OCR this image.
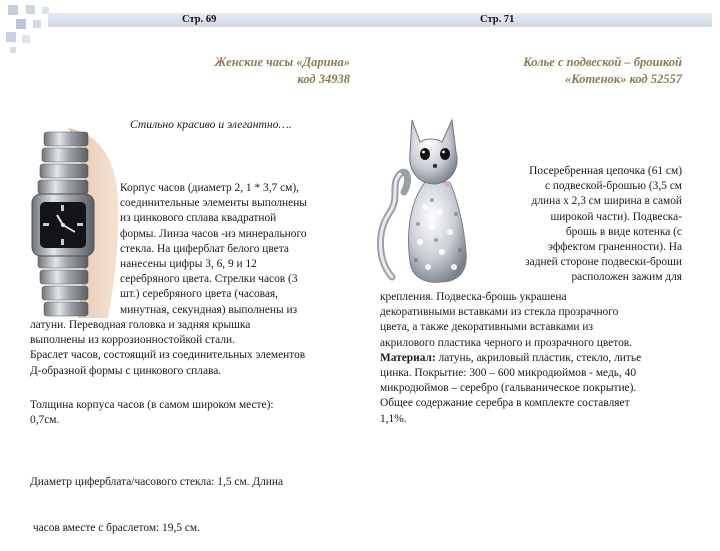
Стр. 69	Стр. 71
Женские часы «Дарина»
код 34938
Стильно красиво и элегантно….

Корпус часов (диаметр 2, 1 * 3,7 см),

соединительные элементы выполнены

из цинкового сплава квадратной

формы. Линза часов -из минерального

стекла. На циферблат белого цвета

нанесены цифры 3, 6, 9 и 12

серебряного цвета. Стрелки часов (3

шт.) серебряного цвета (часовая,

минутная, секундная) выполнены из

латуни. Переводная головка и задняя крышка

выполнены из коррозионностойкой стали.

Браслет часов, состоящий из соединительных элементов

Д-образной формы с цинкового сплава.

Толщина корпуса часов (в самом широком месте):

0,7см.

Диаметр циферблата/часового стекла: 1,5 см. Длина

часов вместе с браслетом: 19,5 см.

Колье с подвеской – брошкой
«Котенок» код 52557

Посеребренная цепочка (61 см)

с подвеской-брошью (3,5 см

длина х 2,3 см ширина в самой

широкой части). Подвеска-

брошь в виде котенка (с

эффектом граненности). На

задней стороне подвески-броши

расположен зажим для

крепления. Подвеска-брошь украшена

декоративными вставками из стекла прозрачного

цвета, а также декоративными вставками из

акрилового пластика черного и прозрачного цветов.

Материал: латунь, акриловый пластик, стекло, литье

цинка. Покрытие: 300 – 600 микродюймов - медь, 40

микродюймов – серебро (гальваническое покрытие).

Общее содержание серебра в комплекте составляет

1,1%.
